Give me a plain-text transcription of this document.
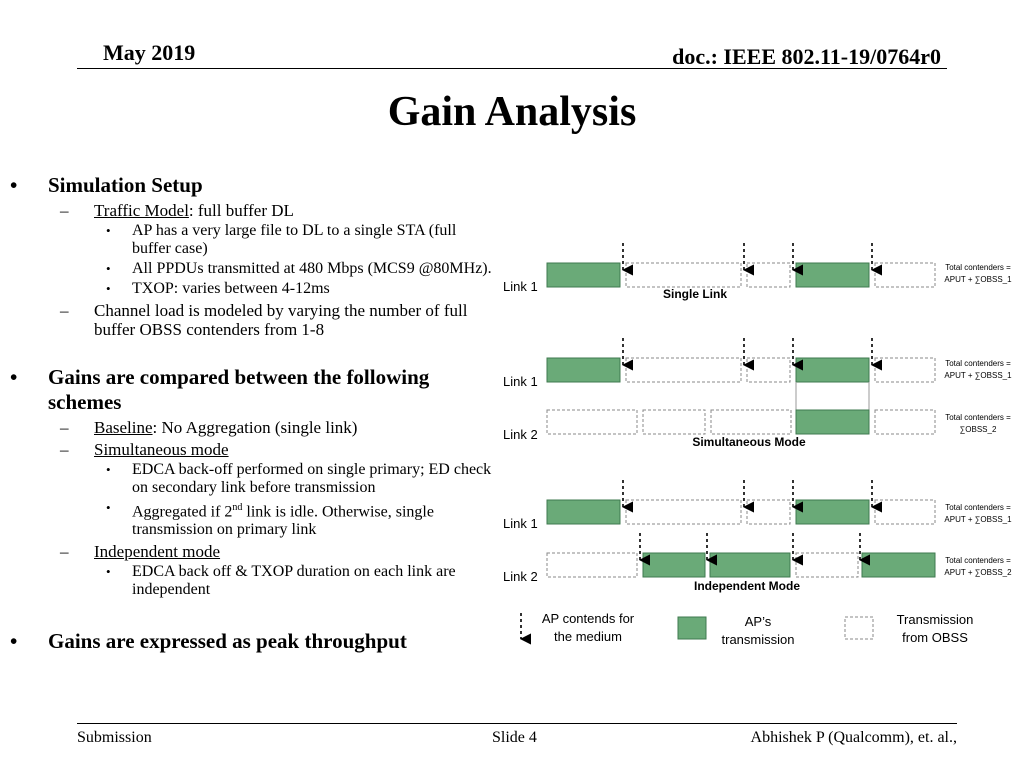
May 2019	doc.: IEEE 802.11-19/0764r0
Gain Analysis
• Simulation Setup
– Traffic Model: full buffer DL
• AP has a very large file to DL to a single STA (full buffer case)
• All PPDUs transmitted at 480 Mbps (MCS9 @80MHz).
• TXOP: varies between 4-12ms
– Channel load is modeled by varying the number of full buffer OBSS contenders from 1-8
• Gains are compared between the following schemes
– Baseline: No Aggregation (single link)
– Simultaneous mode
• EDCA back-off performed on single primary; ED check on secondary link before transmission
• Aggregated if 2nd link is idle. Otherwise, single transmission on primary link
– Independent mode
• EDCA back off & TXOP duration on each link are independent
• Gains are expressed as peak throughput
Link 1	Single Link
Total contenders =
APUT + ∑OBSS_1
Link 1
Link 2	Simultaneous Mode
Total contenders =
APUT + ∑OBSS_1
Total contenders =
∑OBSS_2
Link 1
Link 2
Independent Mode
Total contenders =
APUT + ∑OBSS_1
Total contenders =
APUT + ∑OBSS_2
AP contends for
the medium
AP’s
transmission
Transmission
from OBSS
Submission	Slide 4	Abhishek P (Qualcomm), et. al.,
